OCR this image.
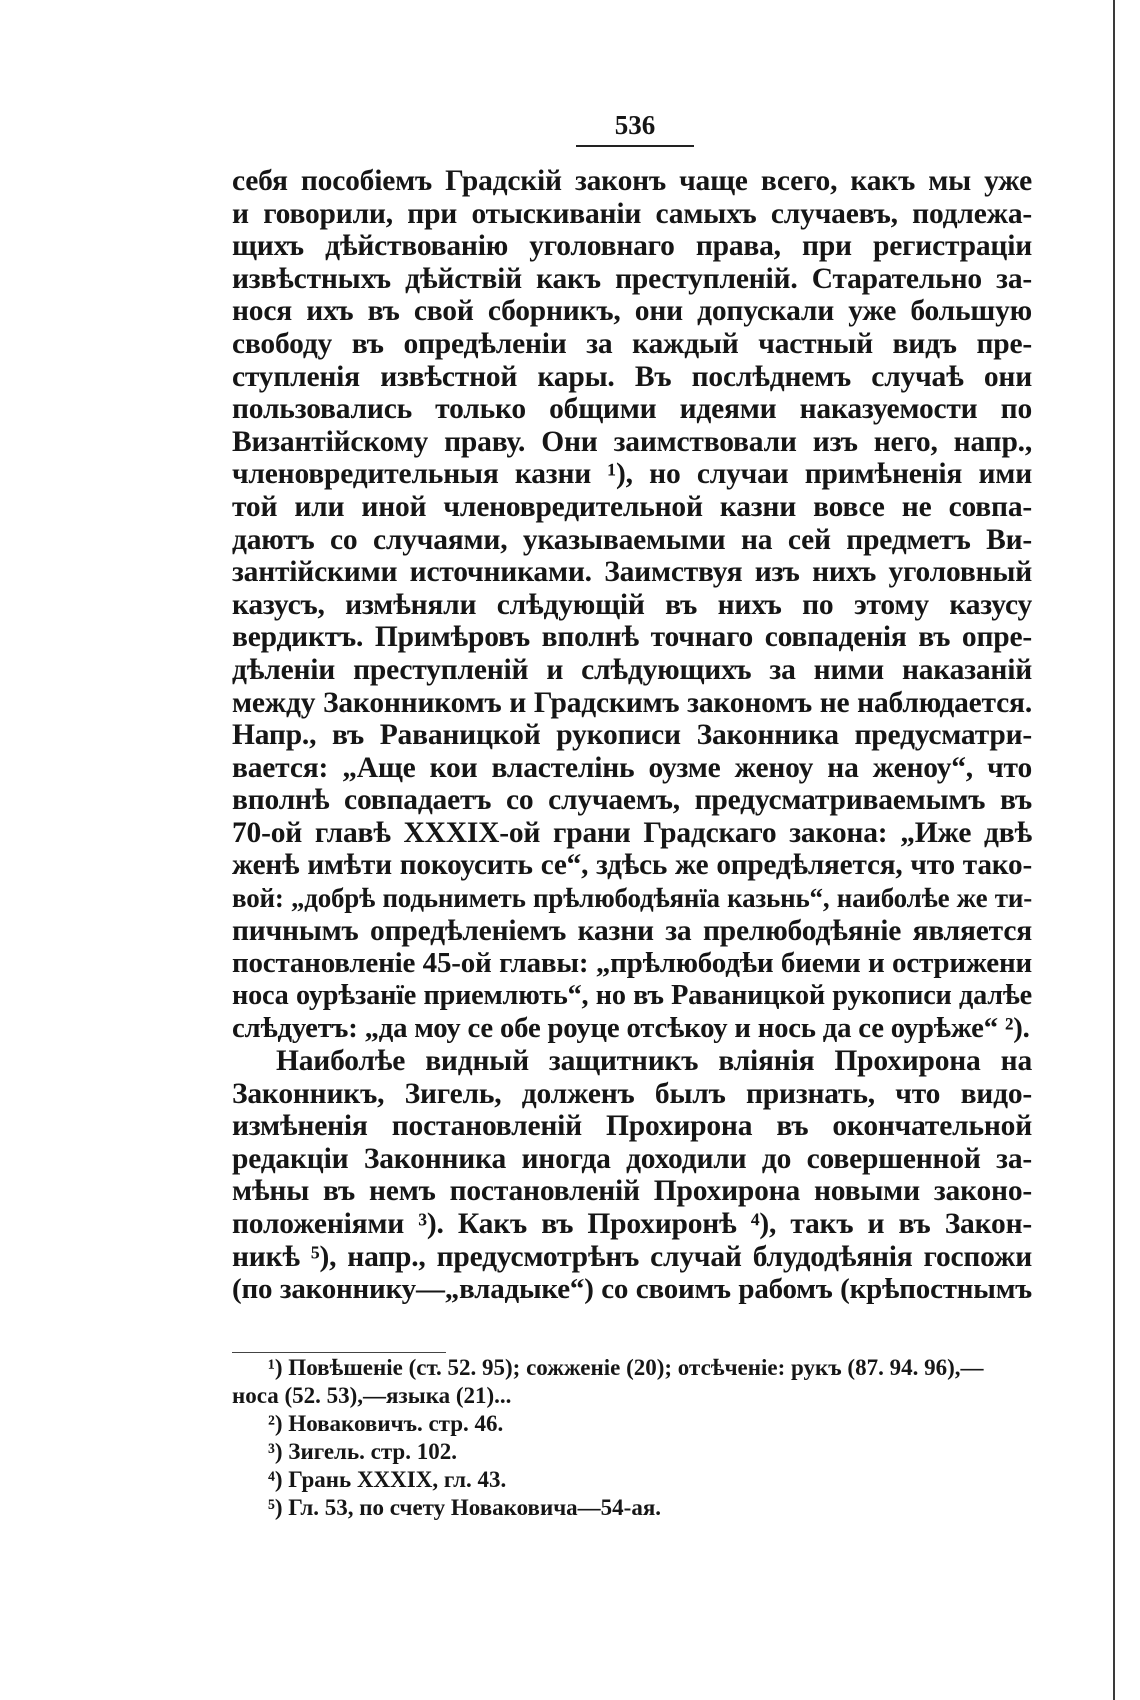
536
себя пособіемъ Градскій законъ чаще всего, какъ мы уже
и говорили, при отыскиваніи самыхъ случаевъ, подлежа-
щихъ дѣйствованію уголовнаго права, при регистраціи
извѣстныхъ дѣйствій какъ преступленій. Старательно за-
нося ихъ въ свой сборникъ, они допускали уже большую
свободу въ опредѣленіи за каждый частный видъ пре-
ступленія извѣстной кары. Въ послѣднемъ случаѣ они
пользовались только общими идеями наказуемости по
Византійскому праву. Они заимствовали изъ него, напр.,
членовредительныя казни ¹), но случаи примѣненія ими
той или иной членовредительной казни вовсе не совпа-
даютъ со случаями, указываемыми на сей предметъ Ви-
зантійскими источниками. Заимствуя изъ нихъ уголовный
казусъ, измѣняли слѣдующій въ нихъ по этому казусу
вердиктъ. Примѣровъ вполнѣ точнаго совпаденія въ опре-
дѣленіи преступленій и слѣдующихъ за ними наказаній
между Законникомъ и Градскимъ закономъ не наблюдается.
Напр., въ Раваницкой рукописи Законника предусматри-
вается: „Аще кои властелінь оузме женоу на женоу“, что
вполнѣ совпадаетъ со случаемъ, предусматриваемымъ въ
70-ой главѣ XXXIX-ой грани Градскаго закона: „Иже двѣ
женѣ имѣти покоусить се“, здѣсь же опредѣляется, что тако-
вой: „добрѣ подьниметь прѣлюбодѣянїа казьнь“, наиболѣе же ти-
пичнымъ опредѣленіемъ казни за прелюбодѣяніе является
постановленіе 45-ой главы: „прѣлюбодѣи биеми и острижени
носа оурѣзанїе приемлють“, но въ Раваницкой рукописи далѣе
слѣдуетъ: „да моу се обе роуце отсѣкоу и нось да се оурѣже“ ²).
Наиболѣе видный защитникъ вліянія Прохирона на
Законникъ, Зигель, долженъ былъ признать, что видо-
измѣненія постановленій Прохирона въ окончательной
редакціи Законника иногда доходили до совершенной за-
мѣны въ немъ постановленій Прохирона новыми законо-
положеніями ³). Какъ въ Прохиронѣ ⁴), такъ и въ Закон-
никѣ ⁵), напр., предусмотрѣнъ случай блудодѣянія госпожи
(по законнику—„владыке“) со своимъ рабомъ (крѣпостнымъ
¹) Повѣшеніе (ст. 52. 95); сожженіе (20); отсѣченіе: рукъ (87. 94. 96),—
носа (52. 53),—языка (21)...
²) Новаковичъ. стр. 46.
³) Зигель. стр. 102.
⁴) Грань XXXIX, гл. 43.
⁵) Гл. 53, по счету Новаковича—54-ая.
